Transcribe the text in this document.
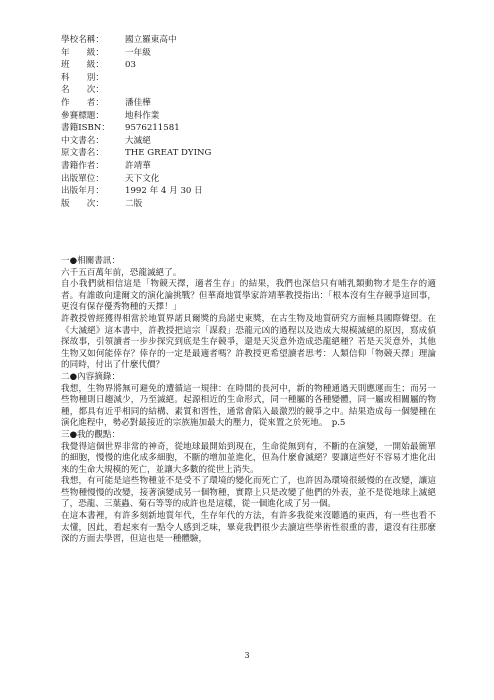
學校名稱：	國立羅東高中
年　　級：	一年級
班　　級：	03
科　　別：
名　　次：
作　　者：	潘佳樺
參賽標題：	地科作業
書籍ISBN：	9576211581
中文書名：	大滅絕
原文書名：	THE GREAT DYING
書籍作者：	許靖華
出版單位：	天下文化
出版年月：	1992 年 4 月 30 日
版　　次：	二版

一●相關書訊：

六千五百萬年前，恐龍滅絕了。

自小我們就相信這是「物競天擇，適者生存」的結果，我們也深信只有哺乳類動物才是生存的適者。有誰敢向達爾文的演化論挑戰？但華裔地質學家許靖華教授指出：「根本沒有生存競爭這回事，更沒有保存優秀物種的天擇！」

許教授曾經獲得相當於地質界諾貝爾獎的烏諾史東獎，在古生物及地質研究方面極具國際聲望。在《大滅絕》這本書中，許教授把這宗「謀殺」恐龍元凶的過程以及造成大規模滅絕的原因，寫成偵探故事，引領讀者一步步探究到底是生存競爭，還是天災意外造成恐龍絕種？若是天災意外，其他生物又如何能倖存？倖存的一定是最適者嗎？許教授更希望讀者思考：人類信仰「物競天擇」理論的同時，付出了什麼代價？

二●內容摘錄：

我想，生物界將無可避免的遭循這一規律：在時間的長河中，新的物種通過天則應運而生；而另一些物種則日趨減少，乃至滅絕。起源相近的生命形式，同一種屬的各種變體，同一屬或相關屬的物種，都具有近乎相同的結構、素質和習性，通常會陷入最激烈的競爭之中。結果造成每一個變種在演化進程中，勢必對最接近的宗族施加最大的壓力，從來置之於死地。　p.5

三●我的觀點：

我覺得這個世界非常的神奇，從地球最開始到現在，生命從無到有，不斷的在演變，一開始最簡單的細胞，慢慢的進化成多細胞，不斷的增加並進化，但為什麼會滅絕？要讓這些好不容易才進化出來的生命大規模的死亡，並讓大多數的從世上消失。

我想，有可能是這些物種並不是受不了環境的變化而死亡了，也許因為環境很緩慢的在改變，讓這些物種慢慢的改變，接著演變成另一個物種，實際上只是改變了他們的外表，並不是從地球上滅絕了，恐龍、三葉蟲、菊石等等的成許也是這樣，從一個進化成了另一個。

在這本書裡，有許多刻新地質年代，生存年代的方法，有許多我從來沒聽過的東西，有一些也看不太懂，因此，看起來有一點令人感到乏味，畢竟我們很少去讀這些學術性很重的書，還沒有往那麼深的方面去學習，但這也是一種體驗，

3
